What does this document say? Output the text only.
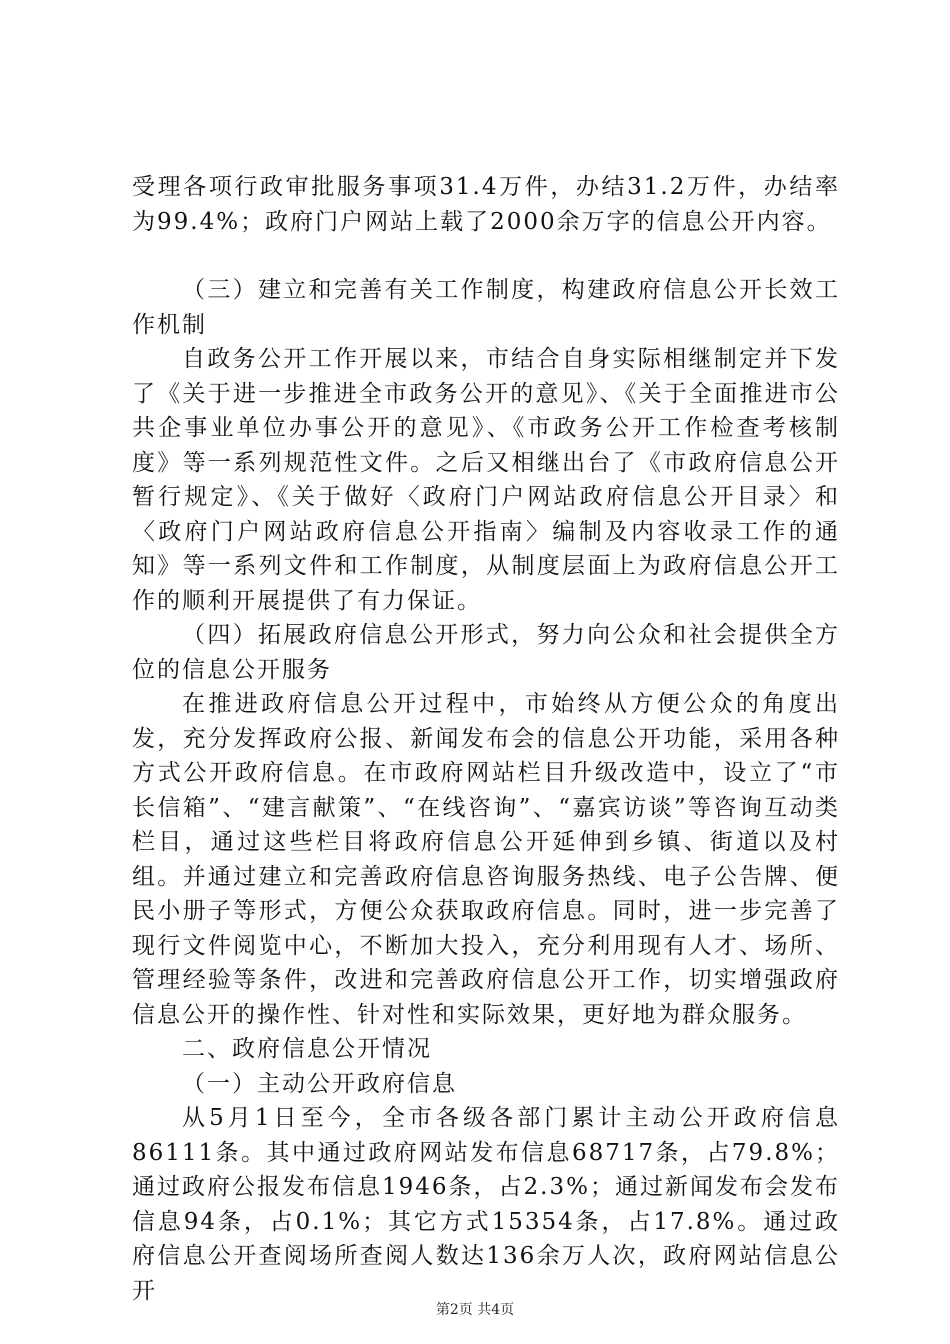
受理各项行政审批服务事项31.4万件，办结31.2万件，办结率为99.4%；政府门户网站上载了2000余万字的信息公开内容。

（三）建立和完善有关工作制度，构建政府信息公开长效工作机制

自政务公开工作开展以来，市结合自身实际相继制定并下发了《关于进一步推进全市政务公开的意见》、《关于全面推进市公共企事业单位办事公开的意见》、《市政务公开工作检查考核制度》等一系列规范性文件。之后又相继出台了《市政府信息公开暂行规定》、《关于做好〈政府门户网站政府信息公开目录〉和〈政府门户网站政府信息公开指南〉编制及内容收录工作的通知》等一系列文件和工作制度，从制度层面上为政府信息公开工作的顺利开展提供了有力保证。

（四）拓展政府信息公开形式，努力向公众和社会提供全方位的信息公开服务

在推进政府信息公开过程中，市始终从方便公众的角度出发，充分发挥政府公报、新闻发布会的信息公开功能，采用各种方式公开政府信息。在市政府网站栏目升级改造中，设立了“市长信箱”、“建言献策”、“在线咨询”、“嘉宾访谈”等咨询互动类栏目，通过这些栏目将政府信息公开延伸到乡镇、街道以及村组。并通过建立和完善政府信息咨询服务热线、电子公告牌、便民小册子等形式，方便公众获取政府信息。同时，进一步完善了现行文件阅览中心，不断加大投入，充分利用现有人才、场所、管理经验等条件，改进和完善政府信息公开工作，切实增强政府信息公开的操作性、针对性和实际效果，更好地为群众服务。

二、政府信息公开情况

（一）主动公开政府信息

从5月1日至今，全市各级各部门累计主动公开政府信息86111条。其中通过政府网站发布信息68717条，占79.8%；通过政府公报发布信息1946条，占2.3%；通过新闻发布会发布信息94条，占0.1%；其它方式15354条，占17.8%。通过政府信息公开查阅场所查阅人数达136余万人次，政府网站信息公开

第2页 共4页
